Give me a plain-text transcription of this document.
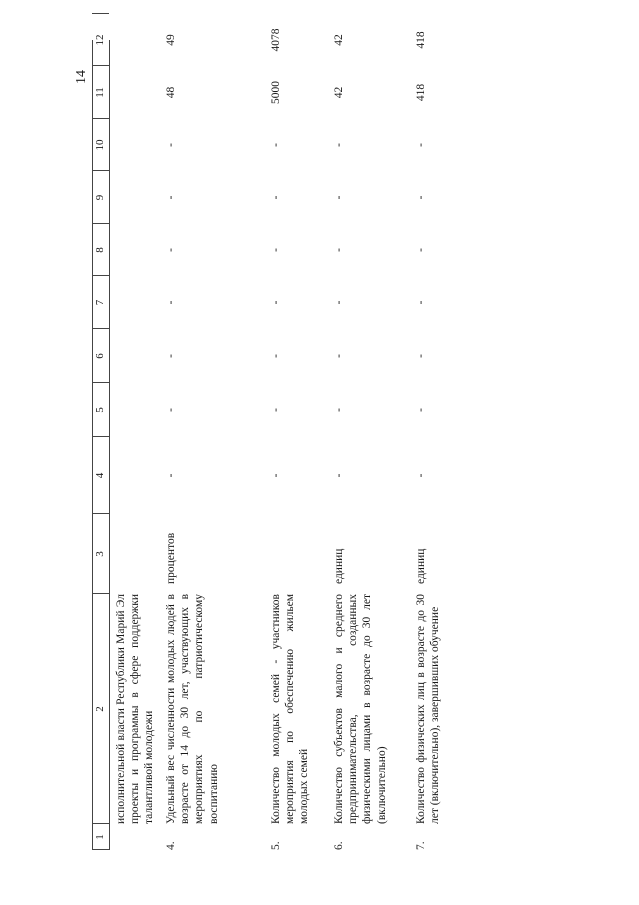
14
1
2
3
4
5
6
7
8
9
10
11
12
исполнительной власти Республики Марий Эл проекты и программы в сфере поддержки талантливой молодежи
4.
Удельный вес численности молодых людей в возрасте от 14 до 30 лет, участвующих в мероприятиях по патриотическому воспитанию
процентов
-
-
-
-
-
-
-
48
49
5.
Количество молодых семей - участников мероприятия по обеспечению жильем молодых семей
-
-
-
-
-
-
-
5000
4078
6.
Количество субъектов малого и среднего предпринимательства, созданных физическими лицами в возрасте до 30 лет (включительно)
единиц
-
-
-
-
-
-
-
42
42
7.
Количество физических лиц в возрасте до 30 лет (включительно), завершивших обучение
единиц
-
-
-
-
-
-
-
418
418
